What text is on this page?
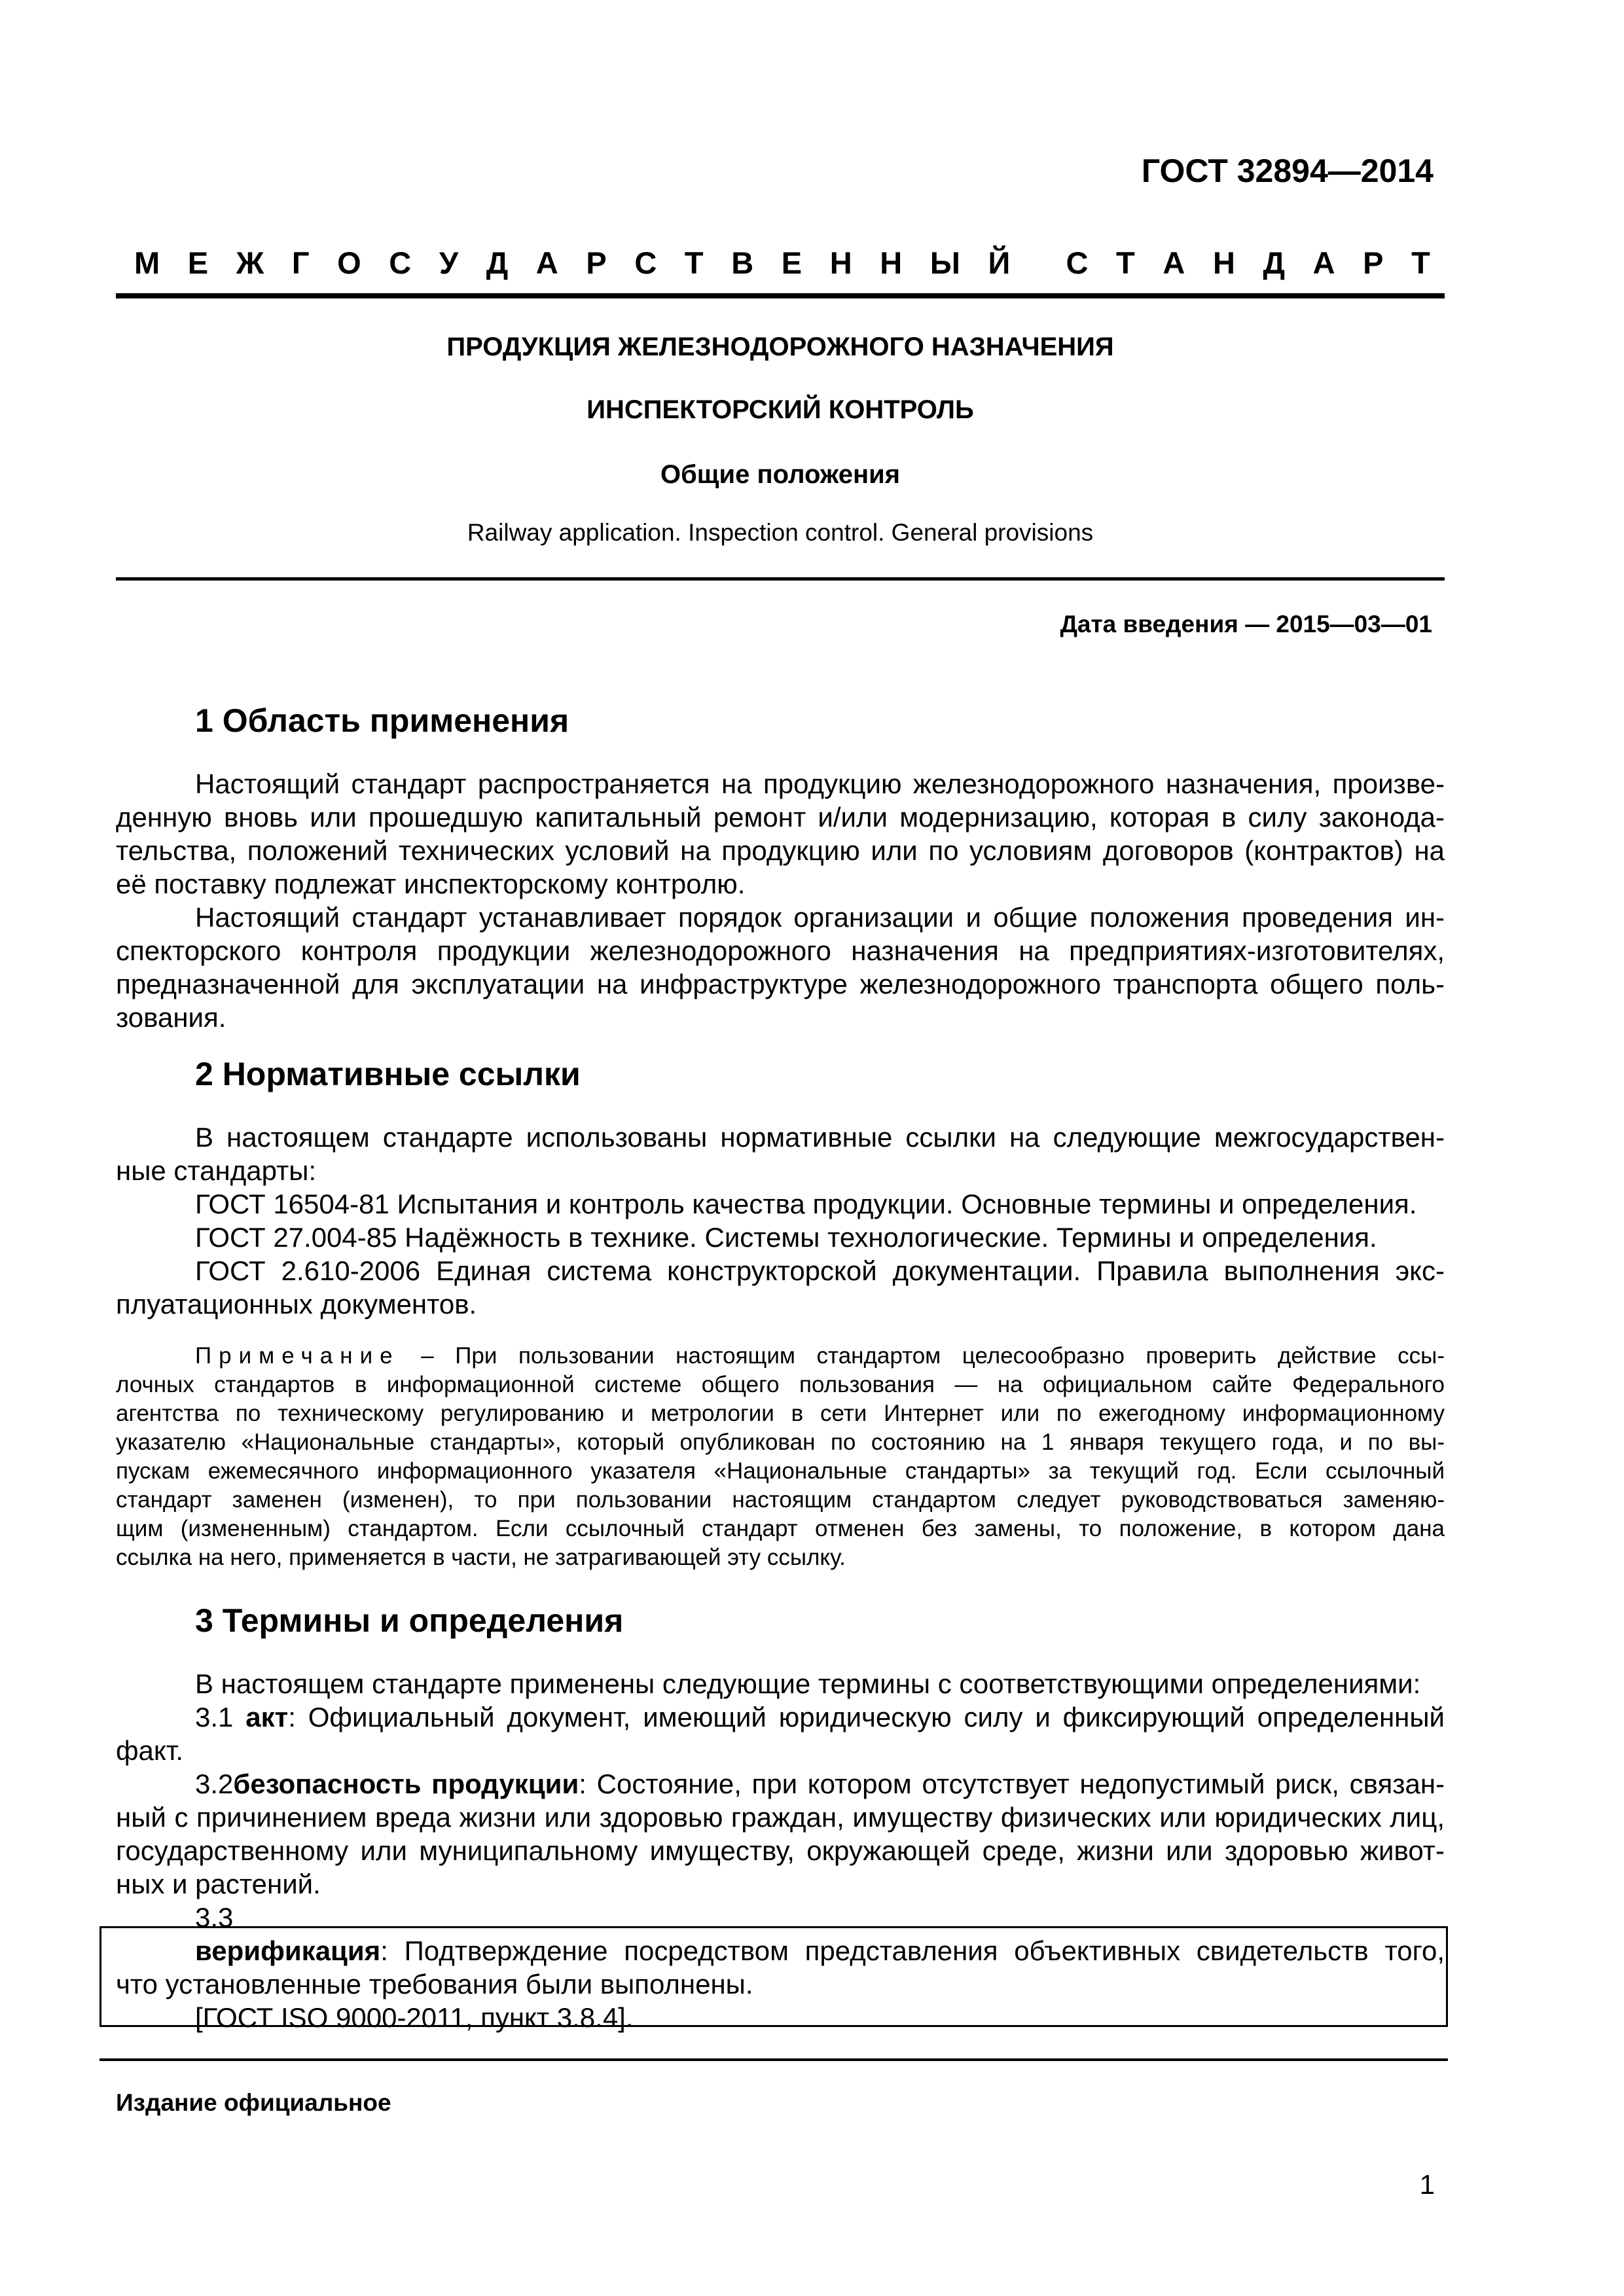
ГОСТ 32894—2014
М Е Ж Г О С У Д А Р С Т В Е Н Н Ы Й С Т А Н Д А Р Т
ПРОДУКЦИЯ ЖЕЛЕЗНОДОРОЖНОГО НАЗНАЧЕНИЯ
ИНСПЕКТОРСКИЙ КОНТРОЛЬ
Общие положения
Railway application. Inspection control. General provisions
Дата введения — 2015—03—01
1 Область применения
Настоящий стандарт распространяется на продукцию железнодорожного назначения, произве-
денную вновь или прошедшую капитальный ремонт и/или модернизацию, которая в силу законода-
тельства, положений технических условий на продукцию или по условиям договоров (контрактов) на
её поставку подлежат инспекторскому контролю.
Настоящий стандарт устанавливает порядок организации и общие положения проведения ин-
спекторского контроля продукции железнодорожного назначения на предприятиях-изготовителях,
предназначенной для эксплуатации на инфраструктуре железнодорожного транспорта общего поль-
зования.
2 Нормативные ссылки
В настоящем стандарте использованы нормативные ссылки на следующие межгосударствен-
ные стандарты:
ГОСТ 16504-81 Испытания и контроль качества продукции. Основные термины и определения.
ГОСТ 27.004-85 Надёжность в технике. Системы технологические. Термины и определения.
ГОСТ 2.610-2006 Единая система конструкторской документации. Правила выполнения экс-
плуатационных документов.
Примечание – При пользовании настоящим стандартом целесообразно проверить действие ссы-
лочных стандартов в информационной системе общего пользования — на официальном сайте Федерального
агентства по техническому регулированию и метрологии в сети Интернет или по ежегодному информационному
указателю «Национальные стандарты», который опубликован по состоянию на 1 января текущего года, и по вы-
пускам ежемесячного информационного указателя «Национальные стандарты» за текущий год. Если ссылочный
стандарт заменен (изменен), то при пользовании настоящим стандартом следует руководствоваться заменяю-
щим (измененным) стандартом. Если ссылочный стандарт отменен без замены, то положение, в котором дана
ссылка на него, применяется в части, не затрагивающей эту ссылку.
3 Термины и определения
В настоящем стандарте применены следующие термины с соответствующими определениями:
3.1 акт: Официальный документ, имеющий юридическую силу и фиксирующий определенный
факт.
3.2безопасность продукции: Состояние, при котором отсутствует недопустимый риск, связан-
ный с причинением вреда жизни или здоровью граждан, имуществу физических или юридических лиц,
государственному или муниципальному имуществу, окружающей среде, жизни или здоровью живот-
ных и растений.
3.3
верификация: Подтверждение посредством представления объективных свидетельств того,
что установленные требования были выполнены.
[ГОСТ ISO 9000-2011, пункт 3.8.4].
Издание официальное
1
